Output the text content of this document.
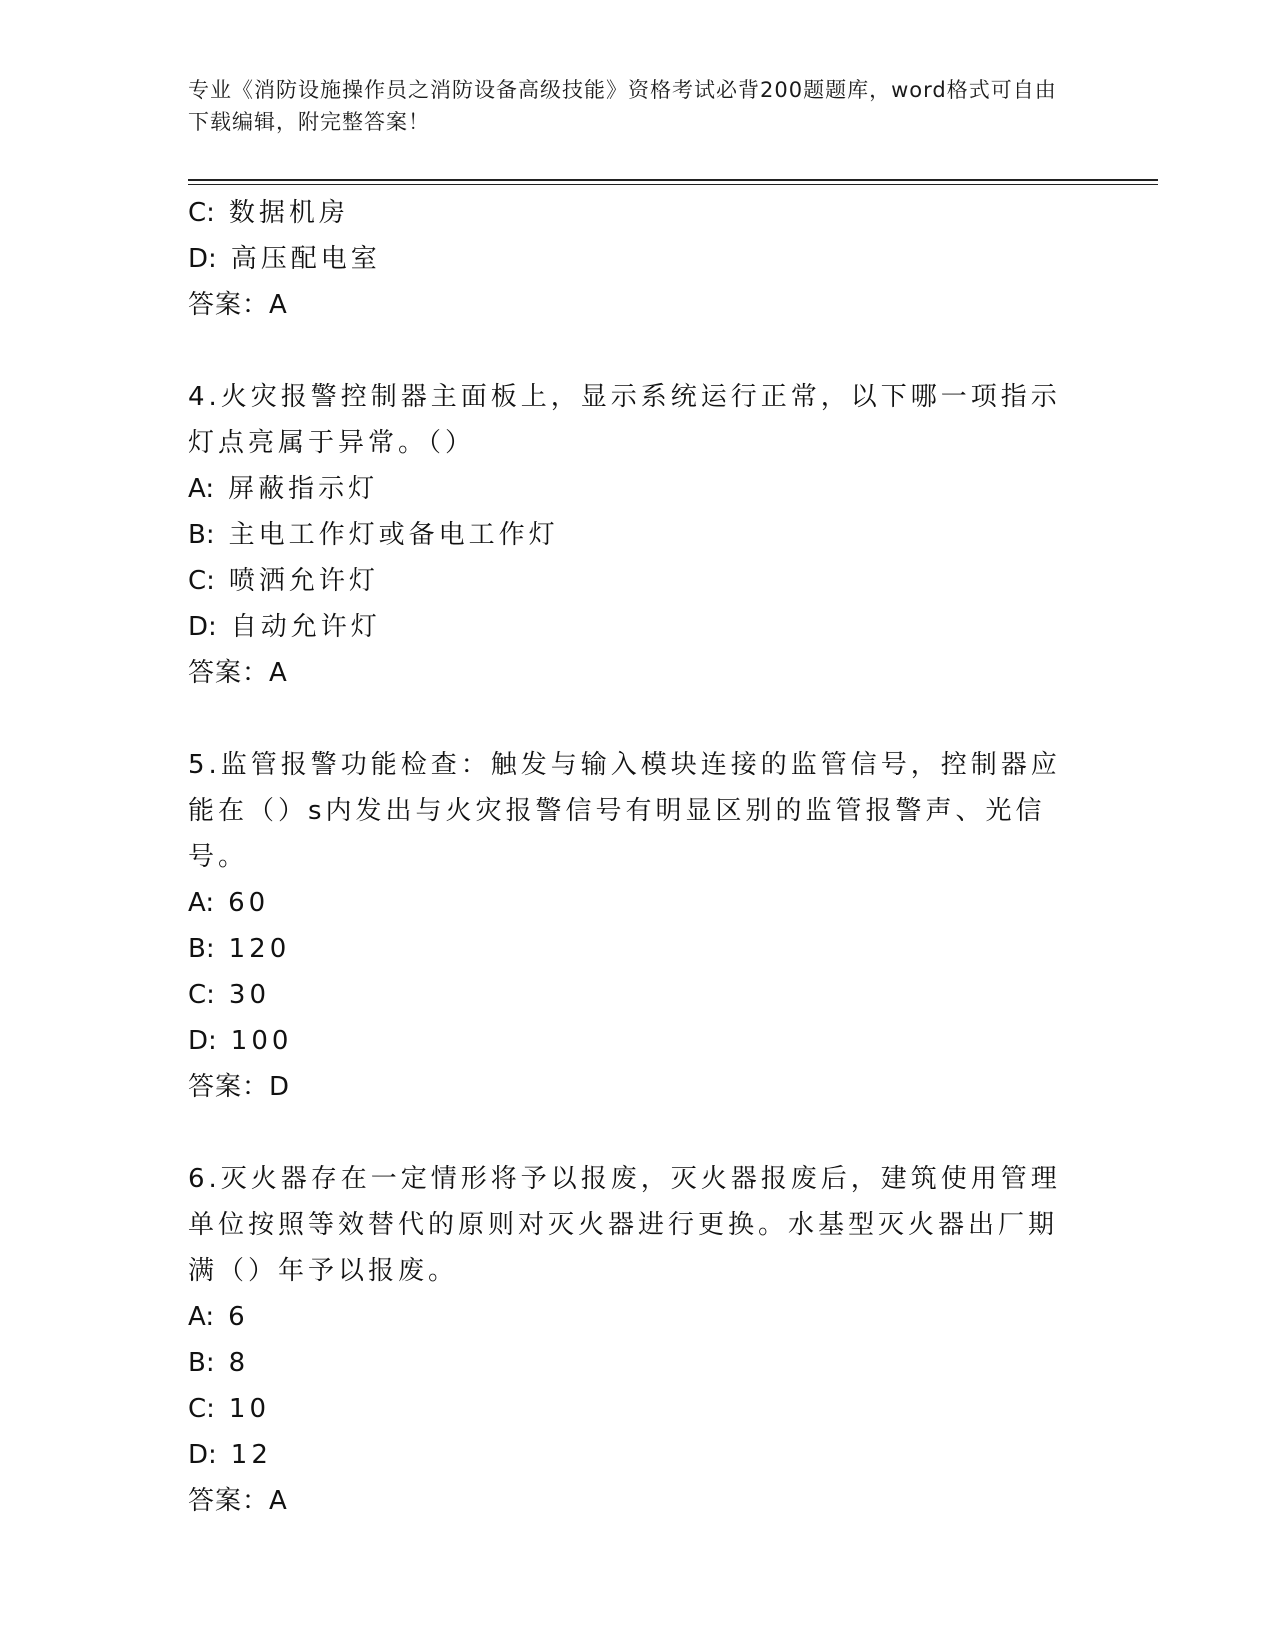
专业《消防设施操作员之消防设备高级技能》资格考试必背200题题库，word格式可自由下载编辑，附完整答案！
C: 数据机房
D: 高压配电室
答案：A
4.火灾报警控制器主面板上，显示系统运行正常，以下哪一项指示灯点亮属于异常。（）
A: 屏蔽指示灯
B: 主电工作灯或备电工作灯
C: 喷洒允许灯
D: 自动允许灯
答案：A
5.监管报警功能检查：触发与输入模块连接的监管信号，控制器应能在（）s内发出与火灾报警信号有明显区别的监管报警声、光信号。
A: 60
B: 120
C: 30
D: 100
答案：D
6.灭火器存在一定情形将予以报废，灭火器报废后，建筑使用管理单位按照等效替代的原则对灭火器进行更换。水基型灭火器出厂期满（）年予以报废。
A: 6
B: 8
C: 10
D: 12
答案：A
